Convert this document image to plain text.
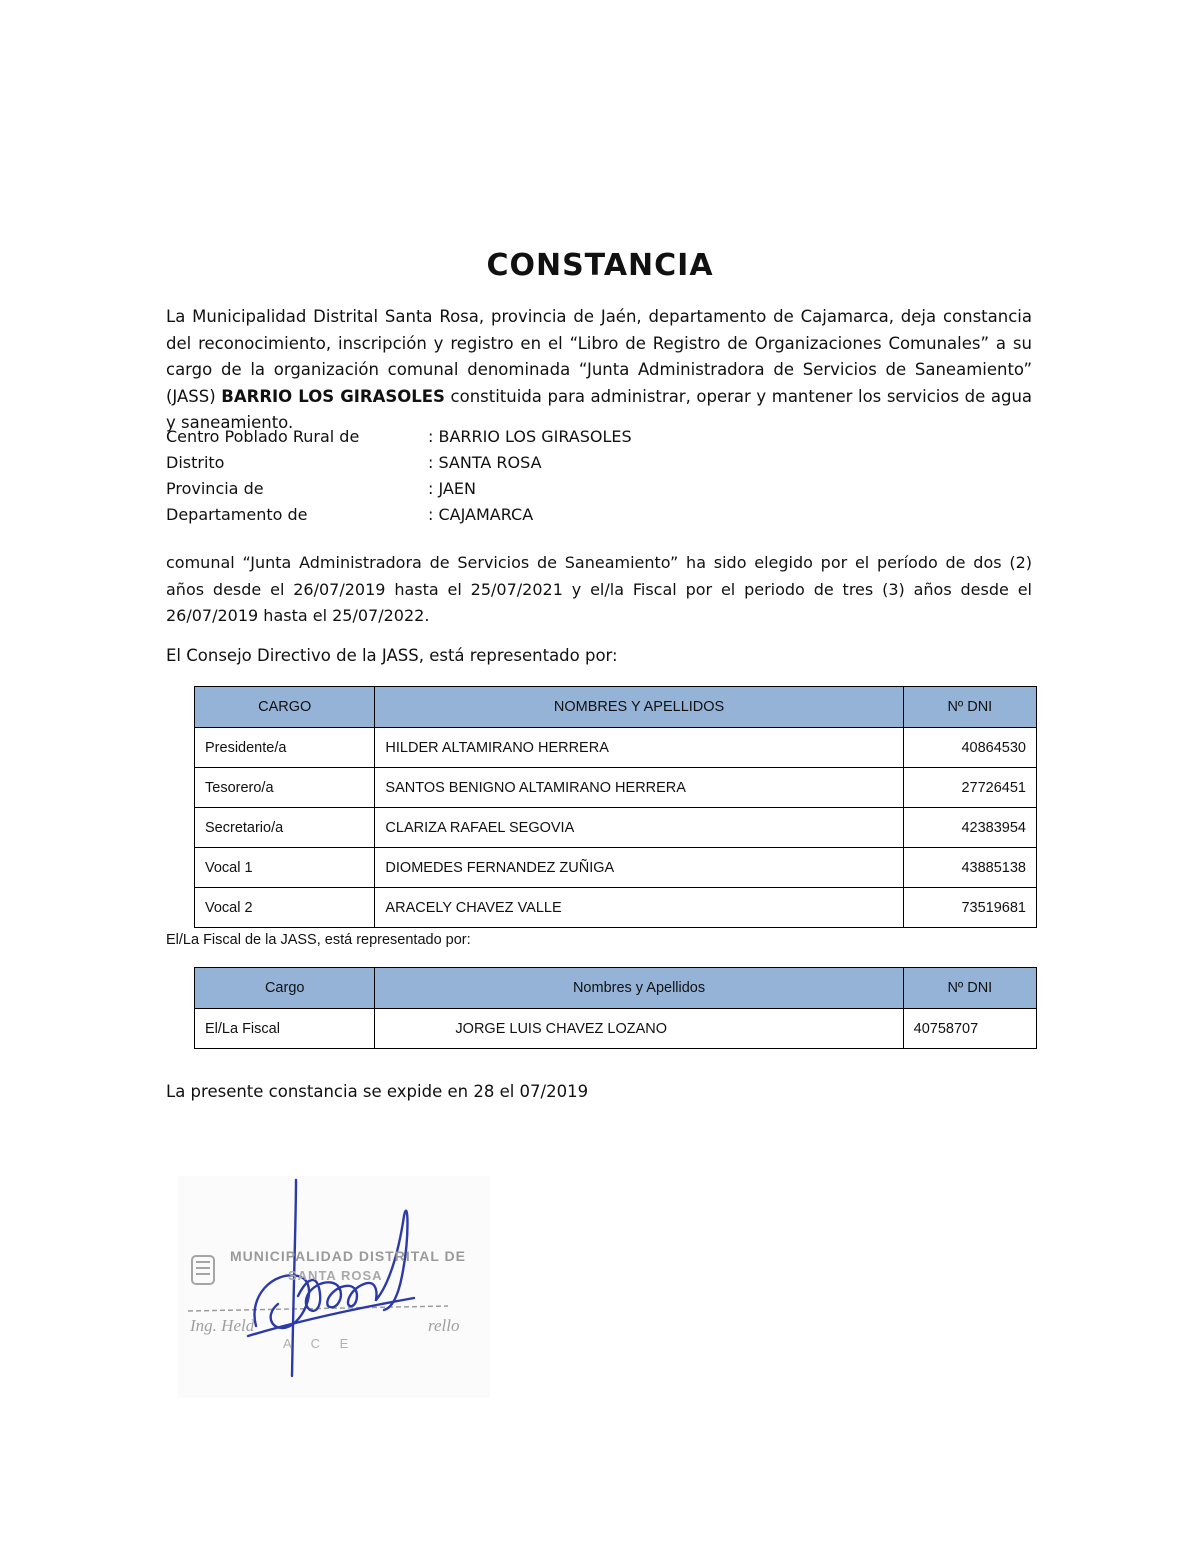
CONSTANCIA

La Municipalidad Distrital Santa Rosa, provincia de Jaén, departamento de Cajamarca, deja constancia del reconocimiento, inscripción y registro en el “Libro de Registro de Organizaciones Comunales” a su cargo de la organización comunal denominada “Junta Administradora de Servicios de Saneamiento” (JASS) BARRIO LOS GIRASOLES constituida para administrar, operar y mantener los servicios de agua y saneamiento.

Centro Poblado Rural de	: BARRIO LOS GIRASOLES
Distrito	: SANTA ROSA
Provincia de	: JAEN
Departamento de	: CAJAMARCA

comunal “Junta Administradora de Servicios de Saneamiento” ha sido elegido por el período de dos (2) años desde el 26/07/2019 hasta el 25/07/2021 y el/la Fiscal por el periodo de tres (3) años desde el 26/07/2019 hasta el 25/07/2022.

El Consejo Directivo de la JASS, está representado por:

CARGO	NOMBRES Y APELLIDOS	Nº DNI
Presidente/a	HILDER ALTAMIRANO HERRERA	40864530
Tesorero/a	SANTOS BENIGNO ALTAMIRANO HERRERA	27726451
Secretario/a	CLARIZA RAFAEL SEGOVIA	42383954
Vocal 1	DIOMEDES FERNANDEZ ZUÑIGA	43885138
Vocal 2	ARACELY CHAVEZ VALLE	73519681

El/La Fiscal de la JASS, está representado por:

Cargo	Nombres y Apellidos	Nº DNI
El/La Fiscal	JORGE LUIS CHAVEZ LOZANO	40758707

La presente constancia se expide en 28 el 07/2019

MUNICIPALIDAD DISTRITAL DE
SANTA ROSA
Ing. Held	rello
A C E
